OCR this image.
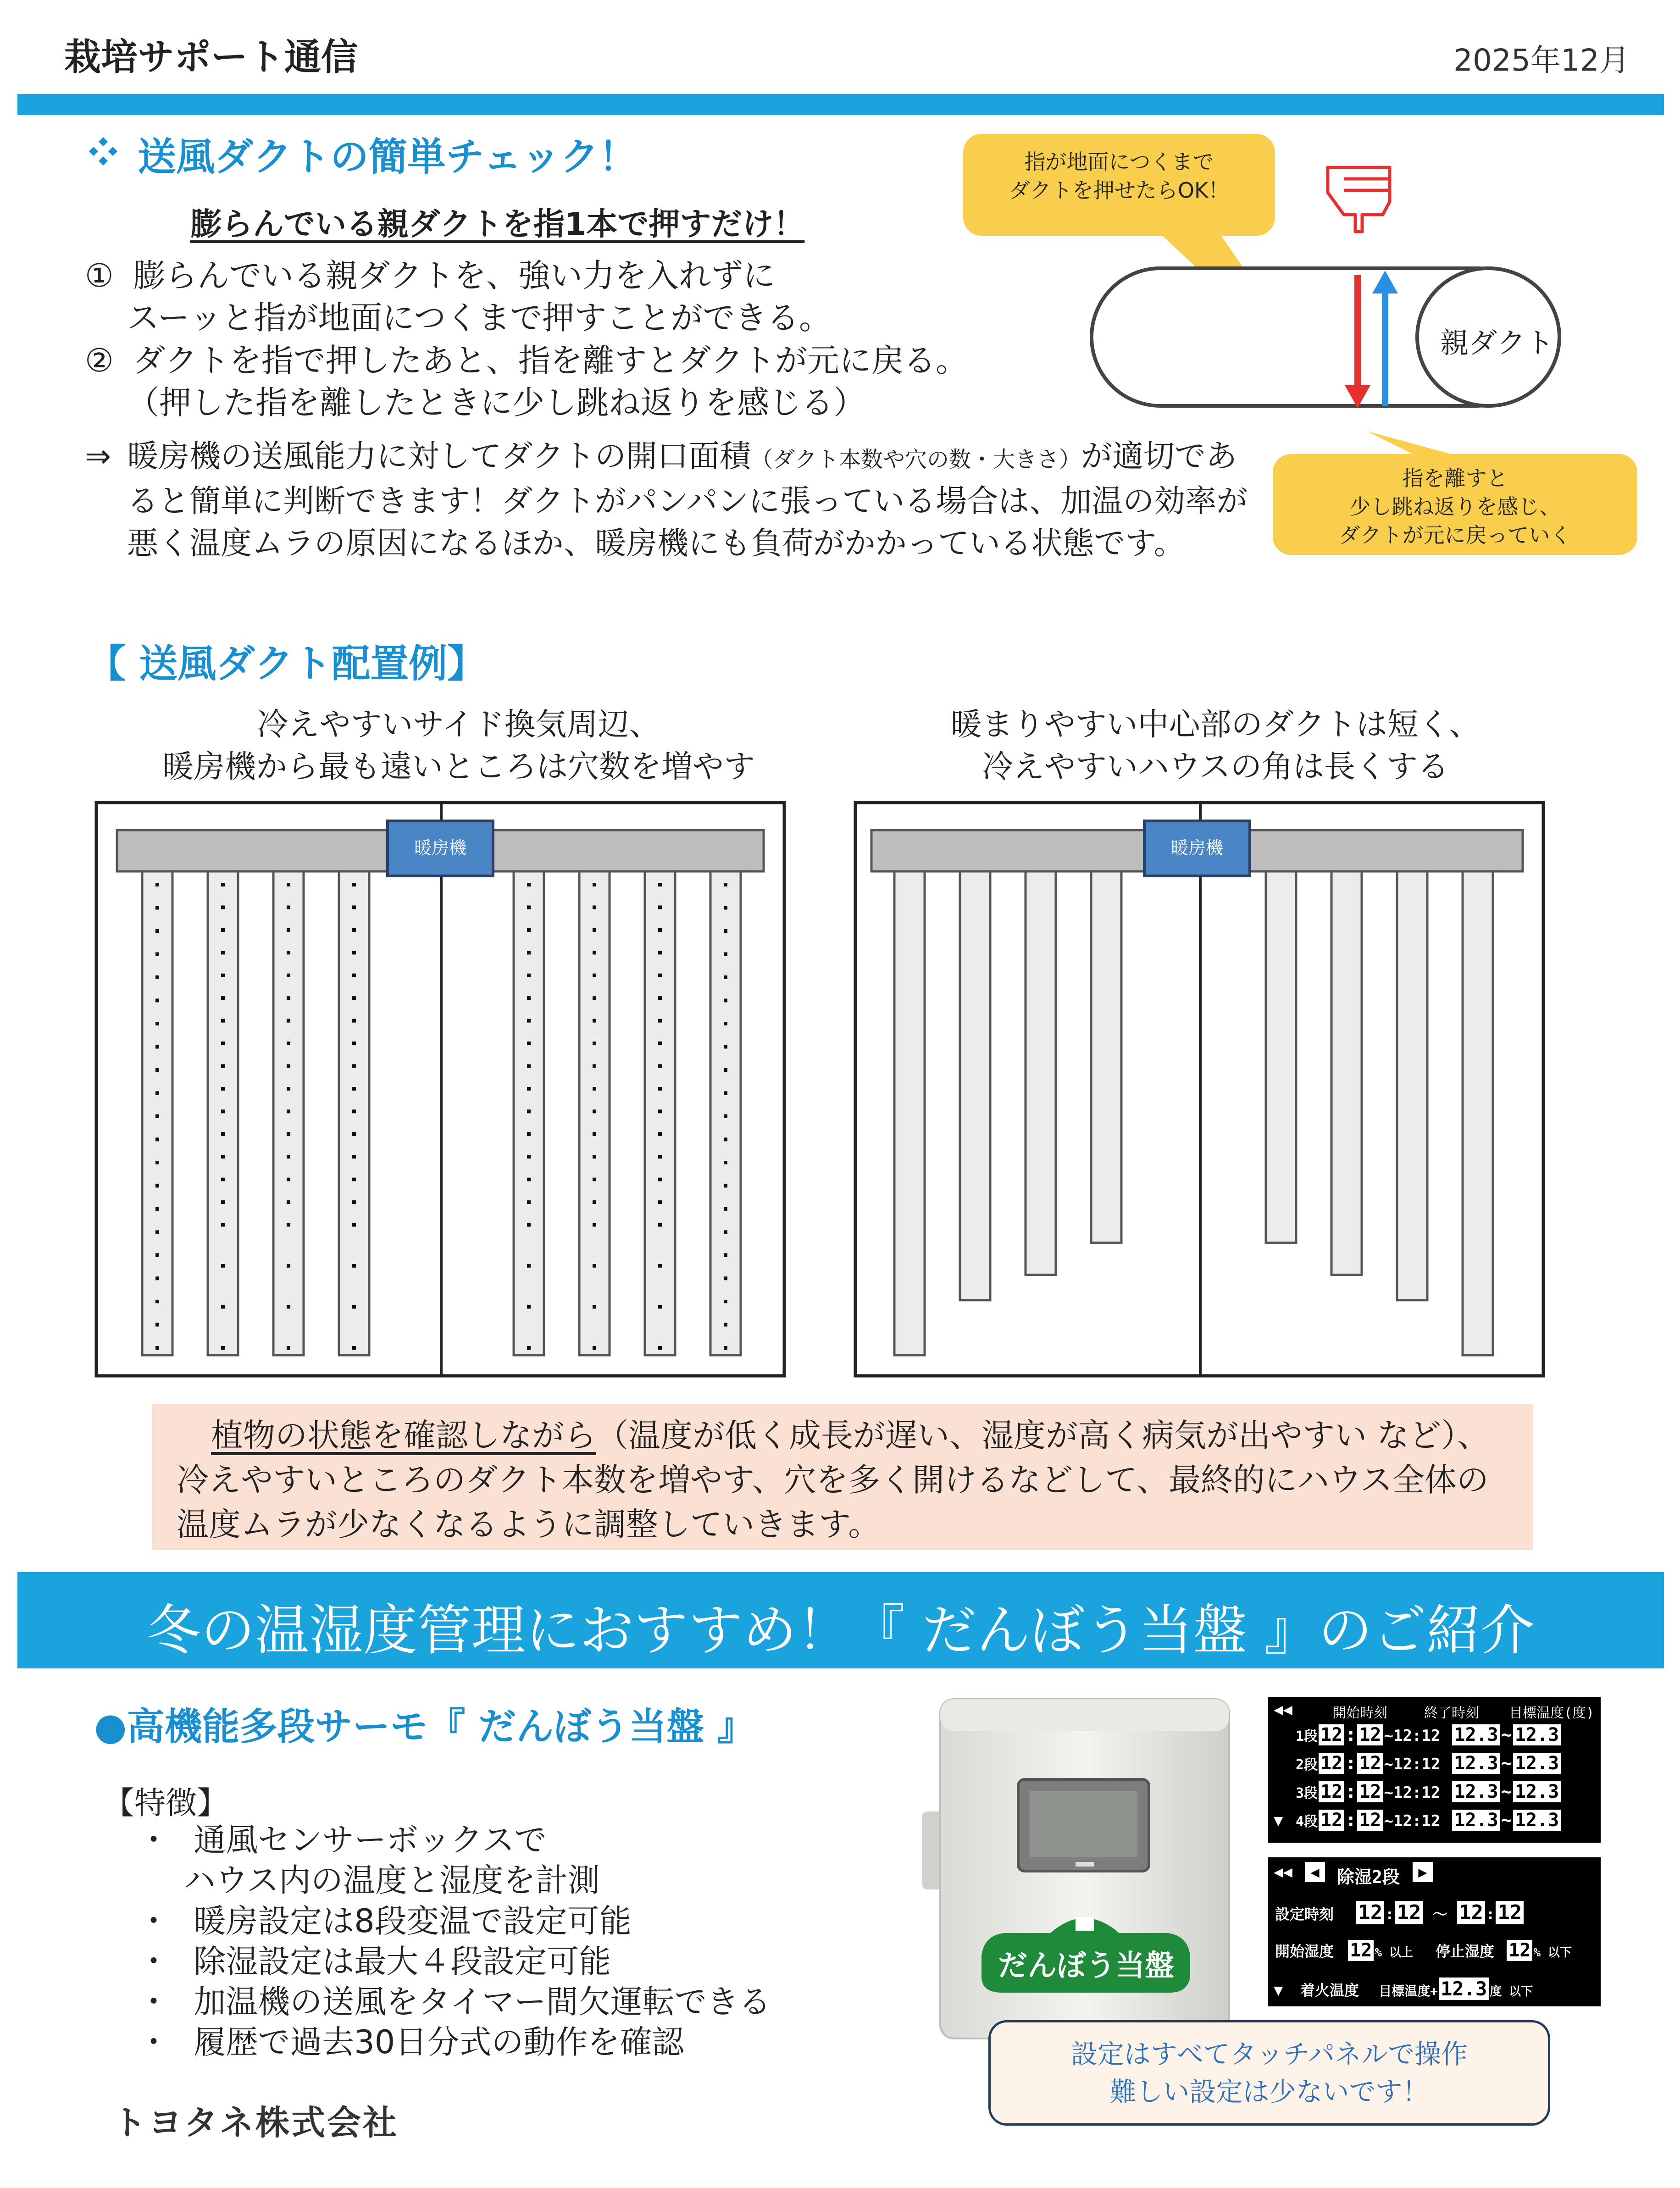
栽培サポート通信	2025年12月
送風ダクトの簡単チェック！
膨らんでいる親ダクトを指1本で押すだけ！
① 膨らんでいる親ダクトを、強い力を入れずに
スーッと指が地面につくまで押すことができる。
② ダクトを指で押したあと、指を離すとダクトが元に戻る。
（押した指を離したときに少し跳ね返りを感じる）
⇒ 暖房機の送風能力に対してダクトの開口面積（ダクト本数や穴の数・大きさ）が適切であると簡単に判断できます！ダクトがパンパンに張っている場合は、加温の効率が悪く温度ムラの原因になるほか、暖房機にも負荷がかかっている状態です。
指が地面につくまで
ダクトを押せたらOK！
親ダクト
指を離すと
少し跳ね返りを感じ、
ダクトが元に戻っていく
【 送風ダクト配置例】
冷えやすいサイド換気周辺、
暖房機から最も遠いところは穴数を増やす
暖まりやすい中心部のダクトは短く、
冷えやすいハウスの角は長くする
暖房機	暖房機
植物の状態を確認しながら（温度が低く成長が遅い、湿度が高く病気が出やすい など）、冷えやすいところのダクト本数を増やす、穴を多く開けるなどして、最終的にハウス全体の温度ムラが少なくなるように調整していきます。
冬の温湿度管理におすすめ！『 だんぼう当盤 』のご紹介
●高機能多段サーモ『 だんぼう当盤 』
【特徴】
・ 通風センサーボックスで
ハウス内の温度と湿度を計測
・ 暖房設定は8段変温で設定可能
・ 除湿設定は最大４段設定可能
・ 加温機の送風をタイマー間欠運転できる
・ 履歴で過去30日分式の動作を確認
トヨタネ株式会社
だんぼう当盤
◀◀	開始時刻	終了時刻 目標温度(度)
1段 12 : 12 ~12:12 12.3 ~ 12.3
2段 12 : 12 ~12:12 12.3 ~ 12.3
3段 12 : 12 ~12:12 12.3 ~ 12.3
▼ 4段 12 : 12 ~12:12 12.3 ~ 12.3
◀◀	◀	除湿2段	▶
設定時刻 12 : 12 ～ 12 : 12
開始湿度 12 % 以上 停止湿度 12 % 以下
▼ 着火温度 目標温度+ 12.3 度 以下
設定はすべてタッチパネルで操作
難しい設定は少ないです！
